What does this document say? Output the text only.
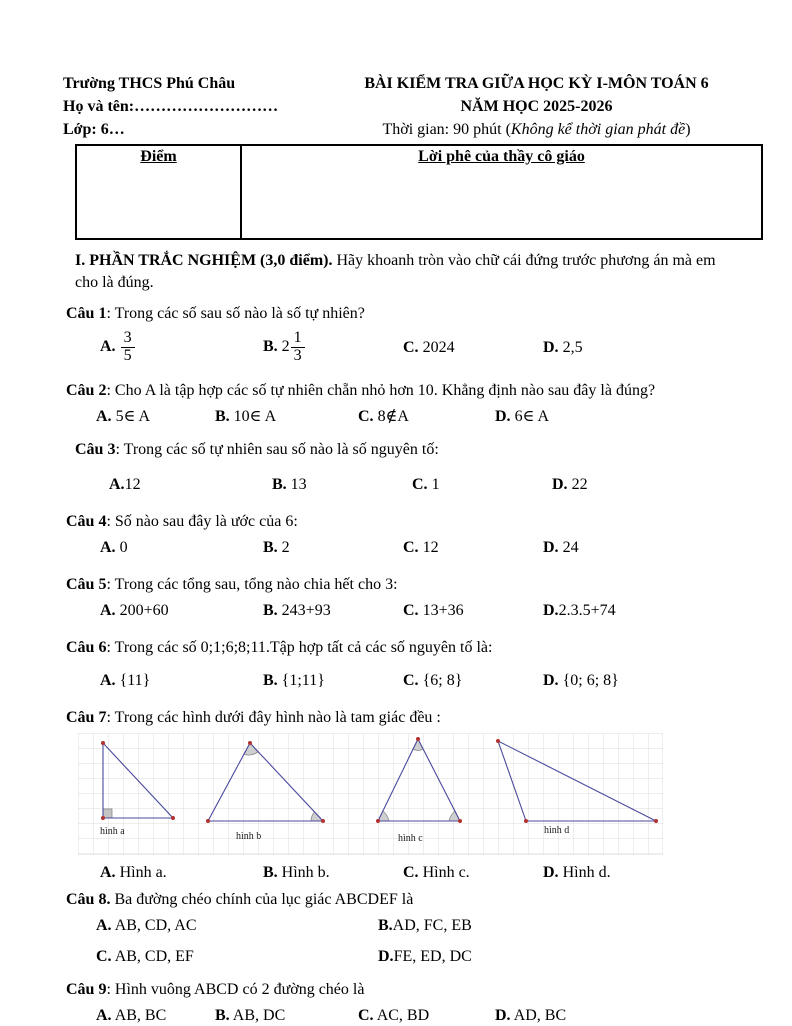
Trường THCS Phú Châu
Họ và tên:………………………
Lớp: 6…
BÀI KIỂM TRA GIỮA HỌC KỲ I-MÔN TOÁN 6
NĂM HỌC 2025-2026
Thời gian: 90 phút (Không kể thời gian phát đề)
Điểm	Lời phê của thầy cô giáo
I. PHẦN TRẮC NGHIỆM (3,0 điểm). Hãy khoanh tròn vào chữ cái đứng trước phương án mà em cho là đúng.
Câu 1: Trong các số sau số nào là số tự nhiên?
A. $\frac{3}{5}$	B. $2 \frac{1}{3}$	C. 2024	D. 2,5
Câu 2: Cho A là tập hợp các số tự nhiên chẵn nhỏ hơn 10. Khẳng định nào sau đây là đúng?
A. 5∈ A	B. 10∈ A	C. 8∉A	D. 6∈ A
Câu 3: Trong các số tự nhiên sau số nào là số nguyên tố:
A.12	B. 13	C. 1	D. 22
Câu 4: Số nào sau đây là ước của 6:
A. 0	B. 2	C. 12	D. 24
Câu 5: Trong các tổng sau, tổng nào chia hết cho 3:
A. 200+60	B. 243+93	C. 13+36	D.2.3.5+74
Câu 6: Trong các số 0;1;6;8;11.Tập hợp tất cả các số nguyên tố là:
A. {11}	B. {1;11}	C. {6; 8}	D. {0; 6; 8}
Câu 7: Trong các hình dưới đây hình nào là tam giác đều :
hình a	hình b	hình c
hình d
A. Hình a.	B. Hình b.	C. Hình c.	D. Hình d.
Câu 8. Ba đường chéo chính của lục giác ABCDEF là
A. AB, CD, AC	B.AD, FC, EB
C. AB, CD, EF	D.FE, ED, DC
Câu 9: Hình vuông ABCD có 2 đường chéo là
A. AB, BC	B. AB, DC	C. AC, BD	D. AD, BC
